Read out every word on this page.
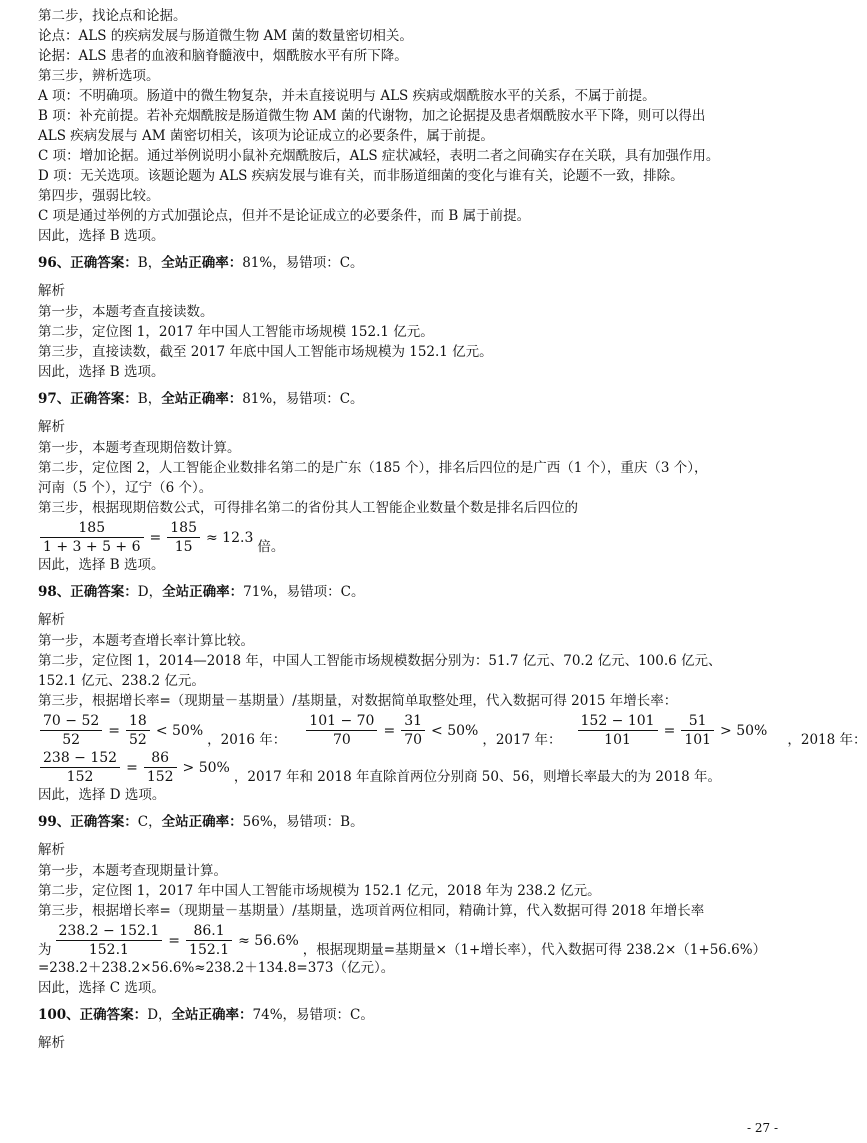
第二步，找论点和论据。
论点：ALS 的疾病发展与肠道微生物 AM 菌的数量密切相关。
论据：ALS 患者的血液和脑脊髓液中，烟酰胺水平有所下降。
第三步，辨析选项。
A 项：不明确项。肠道中的微生物复杂，并未直接说明与 ALS 疾病或烟酰胺水平的关系，不属于前提。
B 项：补充前提。若补充烟酰胺是肠道微生物 AM 菌的代谢物，加之论据提及患者烟酰胺水平下降，则可以得出
ALS 疾病发展与 AM 菌密切相关，该项为论证成立的必要条件，属于前提。
C 项：增加论据。通过举例说明小鼠补充烟酰胺后，ALS 症状减轻，表明二者之间确实存在关联，具有加强作用。
D 项：无关选项。该题论题为 ALS 疾病发展与谁有关，而非肠道细菌的变化与谁有关，论题不一致，排除。
第四步，强弱比较。
C 项是通过举例的方式加强论点，但并不是论证成立的必要条件，而 B 属于前提。
因此，选择 B 选项。
96、正确答案：B，全站正确率：81%，易错项：C。
解析
第一步，本题考查直接读数。
第二步，定位图 1，2017 年中国人工智能市场规模 152.1 亿元。
第三步，直接读数，截至 2017 年底中国人工智能市场规模为 152.1 亿元。
因此，选择 B 选项。
97、正确答案：B，全站正确率：81%，易错项：C。
解析
第一步，本题考查现期倍数计算。
第二步，定位图 2，人工智能企业数排名第二的是广东（185 个），排名后四位的是广西（1 个），重庆（3 个），
河南（5 个），辽宁（6 个）。
第三步，根据现期倍数公式，可得排名第二的省份其人工智能企业数量个数是排名后四位的
$\frac{185}{1 + 3 + 5 + 6} = \frac{185}{15} \approx 12.3$倍。
因此，选择 B 选项。
98、正确答案：D，全站正确率：71%，易错项：C。
解析
第一步，本题考查增长率计算比较。
第二步，定位图 1，2014—2018 年，中国人工智能市场规模数据分别为：51.7 亿元、70.2 亿元、100.6 亿元、
152.1 亿元、238.2 亿元。
第三步，根据增长率=（现期量－基期量）/基期量，对数据简单取整处理，代入数据可得 2015 年增长率：
$\frac{70 - 52}{52} = \frac{18}{52} < 50\%$，2016 年： $\frac{101 - 70}{70} = \frac{31}{70} < 50\%$，2017 年： $\frac{152 - 101}{101} = \frac{51}{101} > 50\%$，2018 年：
$\frac{238 - 152}{152} = \frac{86}{152} > 50\%$，2017 年和 2018 年直除首两位分别商 50、56，则增长率最大的为 2018 年。
因此，选择 D 选项。
99、正确答案：C，全站正确率：56%，易错项：B。
解析
第一步，本题考查现期量计算。
第二步，定位图 1，2017 年中国人工智能市场规模为 152.1 亿元，2018 年为 238.2 亿元。
第三步，根据增长率=（现期量－基期量）/基期量，选项首两位相同，精确计算，代入数据可得 2018 年增长率
为 $\frac{238.2 - 152.1}{152.1} = \frac{86.1}{152.1} \approx 56.6\%$，根据现期量=基期量×（1+增长率），代入数据可得 238.2×（1+56.6%）
=238.2＋238.2×56.6%≈238.2＋134.8=373（亿元）。
因此，选择 C 选项。
100、正确答案：D，全站正确率：74%，易错项：C。
解析
- 27 -
